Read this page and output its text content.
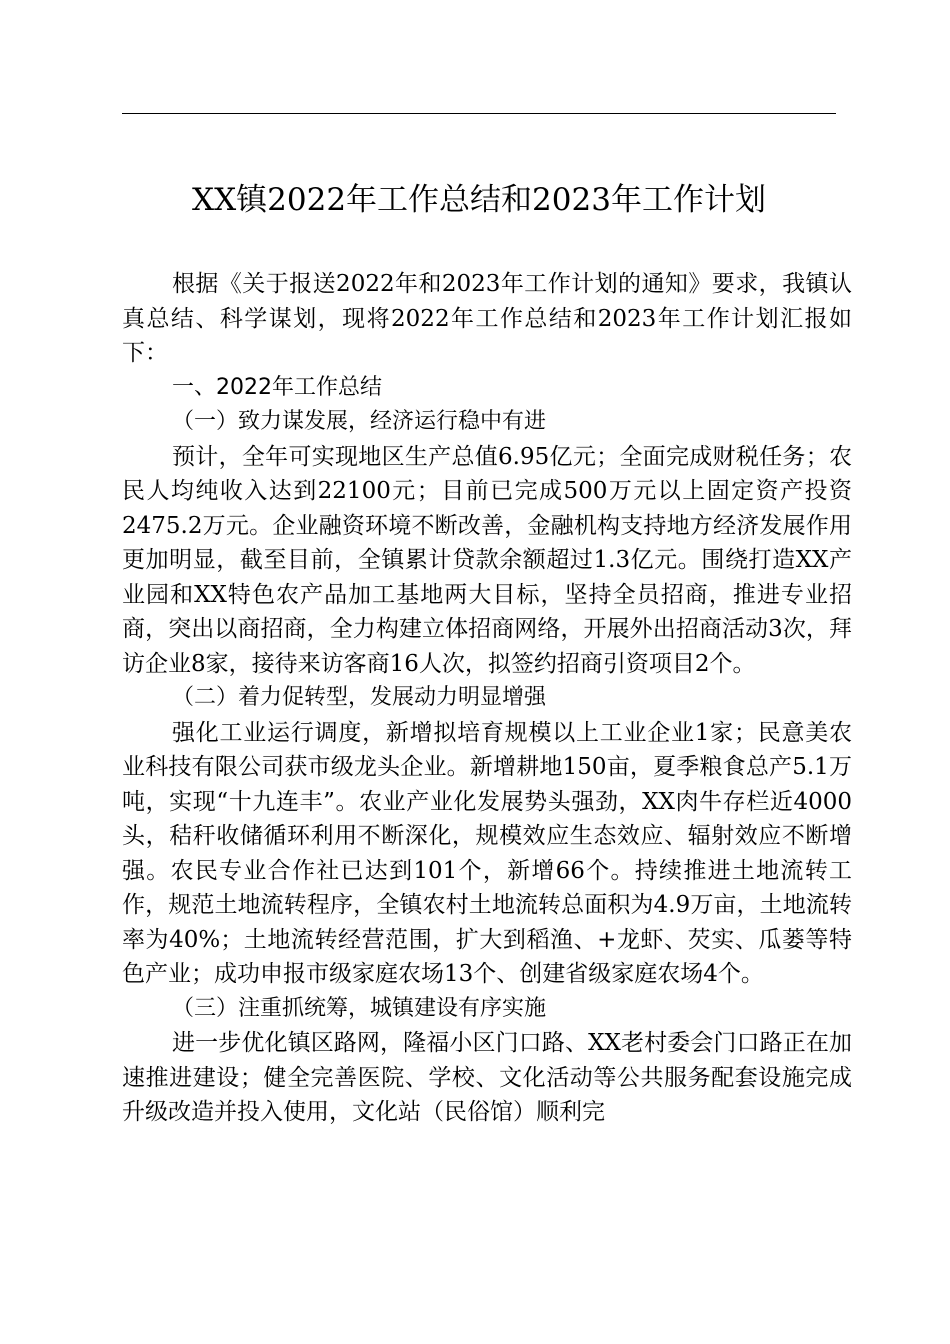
XX镇2022年工作总结和2023年工作计划

根据《关于报送2022年和2023年工作计划的通知》要求，我镇认真总结、科学谋划，现将2022年工作总结和2023年工作计划汇报如下：

一、2022年工作总结

（一）致力谋发展，经济运行稳中有进

预计，全年可实现地区生产总值6.95亿元；全面完成财税任务；农民人均纯收入达到22100元；目前已完成500万元以上固定资产投资2475.2万元。企业融资环境不断改善，金融机构支持地方经济发展作用更加明显，截至目前，全镇累计贷款余额超过1.3亿元。围绕打造XX产业园和XX特色农产品加工基地两大目标，坚持全员招商，推进专业招商，突出以商招商，全力构建立体招商网络，开展外出招商活动3次，拜访企业8家，接待来访客商16人次，拟签约招商引资项目2个。

（二）着力促转型，发展动力明显增强

强化工业运行调度，新增拟培育规模以上工业企业1家；民意美农业科技有限公司获市级龙头企业。新增耕地150亩，夏季粮食总产5.1万吨，实现“十九连丰”。农业产业化发展势头强劲，XX肉牛存栏近4000头，秸秆收储循环利用不断深化，规模效应生态效应、辐射效应不断增强。农民专业合作社已达到101个，新增66个。持续推进土地流转工作，规范土地流转程序，全镇农村土地流转总面积为4.9万亩，土地流转率为40%；土地流转经营范围，扩大到稻渔、+龙虾、芡实、瓜蒌等特色产业；成功申报市级家庭农场13个、创建省级家庭农场4个。

（三）注重抓统筹，城镇建设有序实施

进一步优化镇区路网，隆福小区门口路、XX老村委会门口路正在加速推进建设；健全完善医院、学校、文化活动等公共服务配套设施完成升级改造并投入使用，文化站（民俗馆）顺利完
